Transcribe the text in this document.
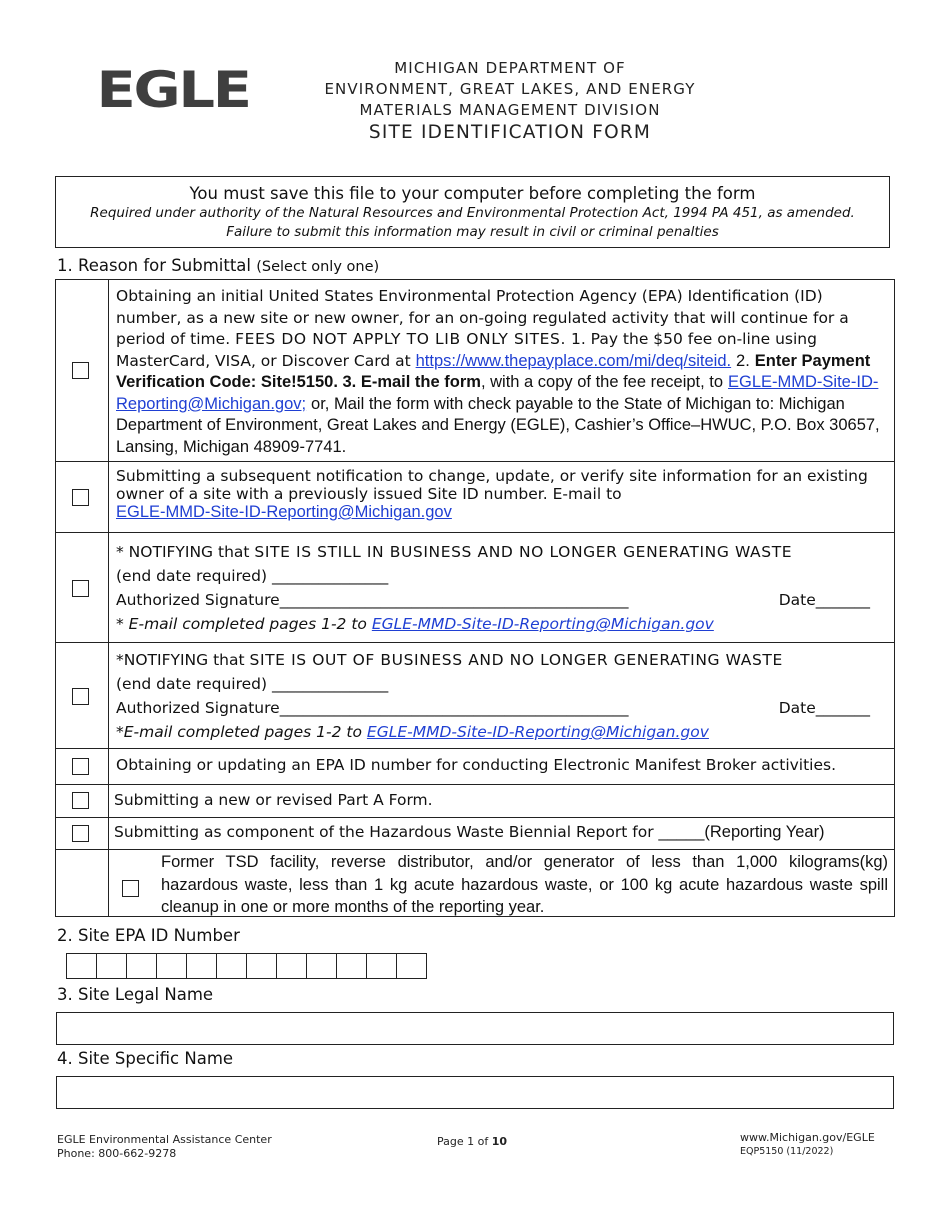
EGLE	MICHIGAN DEPARTMENT OF
ENVIRONMENT, GREAT LAKES, AND ENERGY
MATERIALS MANAGEMENT DIVISION
SITE IDENTIFICATION FORM
You must save this file to your computer before completing the form
Required under authority of the Natural Resources and Environmental Protection Act, 1994 PA 451, as amended. Failure to submit this information may result in civil or criminal penalties
1. Reason for Submittal (Select only one)
Obtaining an initial United States Environmental Protection Agency (EPA) Identification (ID) number, as a new site or new owner, for an on-going regulated activity that will continue for a period of time. FEES DO NOT APPLY TO LIB ONLY SITES. 1. Pay the $50 fee on-line using MasterCard, VISA, or Discover Card at https://www.thepayplace.com/mi/deq/siteid. 2. Enter Payment Verification Code: Site!5150. 3. E-mail the form, with a copy of the fee receipt, to EGLE-MMD-Site-ID-Reporting@Michigan.gov; or, Mail the form with check payable to the State of Michigan to: Michigan Department of Environment, Great Lakes and Energy (EGLE), Cashier’s Office–HWUC, P.O. Box 30657, Lansing, Michigan 48909-7741.
Submitting a subsequent notification to change, update, or verify site information for an existing owner of a site with a previously issued Site ID number. E-mail to
EGLE-MMD-Site-ID-Reporting@Michigan.gov
* NOTIFYING that SITE IS STILL IN BUSINESS AND NO LONGER GENERATING WASTE
(end date required) _______________
Authorized Signature_____________________________________________	Date_______
* E-mail completed pages 1-2 to EGLE-MMD-Site-ID-Reporting@Michigan.gov
*NOTIFYING that SITE IS OUT OF BUSINESS AND NO LONGER GENERATING WASTE
(end date required) _______________
Authorized Signature_____________________________________________	Date_______
*E-mail completed pages 1-2 to EGLE-MMD-Site-ID-Reporting@Michigan.gov
Obtaining or updating an EPA ID number for conducting Electronic Manifest Broker activities.
Submitting a new or revised Part A Form.
Submitting as component of the Hazardous Waste Biennial Report for _____(Reporting Year)
Former TSD facility, reverse distributor, and/or generator of less than 1,000 kilograms(kg) hazardous waste, less than 1 kg acute hazardous waste, or 100 kg acute hazardous waste spill cleanup in one or more months of the reporting year.
2. Site EPA ID Number
3. Site Legal Name
4. Site Specific Name
EGLE Environmental Assistance Center
Phone: 800-662-9278
Page 1 of 10	www.Michigan.gov/EGLE
EQP5150 (11/2022)
